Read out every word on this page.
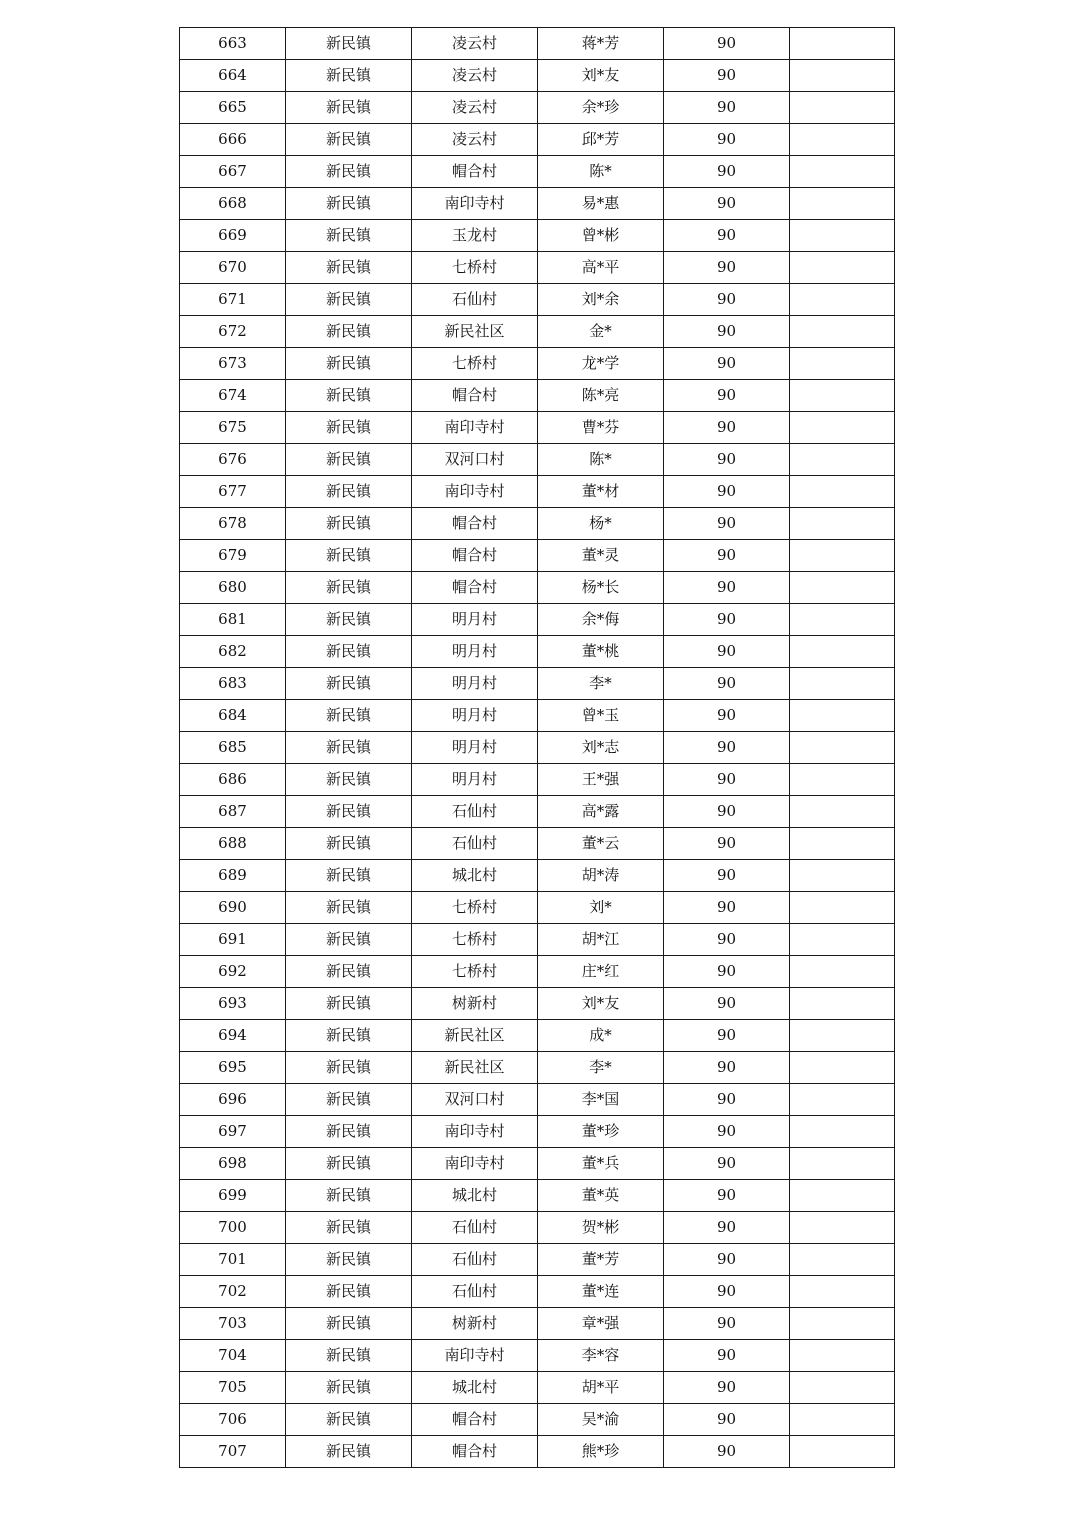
663	新民镇	凌云村	蒋*芳	90	
664	新民镇	凌云村	刘*友	90	
665	新民镇	凌云村	余*珍	90	
666	新民镇	凌云村	邱*芳	90	
667	新民镇	帽合村	陈*	90	
668	新民镇	南印寺村	易*惠	90	
669	新民镇	玉龙村	曾*彬	90	
670	新民镇	七桥村	高*平	90	
671	新民镇	石仙村	刘*余	90	
672	新民镇	新民社区	金*	90	
673	新民镇	七桥村	龙*学	90	
674	新民镇	帽合村	陈*亮	90	
675	新民镇	南印寺村	曹*芬	90	
676	新民镇	双河口村	陈*	90	
677	新民镇	南印寺村	董*材	90	
678	新民镇	帽合村	杨*	90	
679	新民镇	帽合村	董*灵	90	
680	新民镇	帽合村	杨*长	90	
681	新民镇	明月村	余*侮	90	
682	新民镇	明月村	董*桃	90	
683	新民镇	明月村	李*	90	
684	新民镇	明月村	曾*玉	90	
685	新民镇	明月村	刘*志	90	
686	新民镇	明月村	王*强	90	
687	新民镇	石仙村	高*露	90	
688	新民镇	石仙村	董*云	90	
689	新民镇	城北村	胡*涛	90	
690	新民镇	七桥村	刘*	90	
691	新民镇	七桥村	胡*江	90	
692	新民镇	七桥村	庄*红	90	
693	新民镇	树新村	刘*友	90	
694	新民镇	新民社区	成*	90	
695	新民镇	新民社区	李*	90	
696	新民镇	双河口村	李*国	90	
697	新民镇	南印寺村	董*珍	90	
698	新民镇	南印寺村	董*兵	90	
699	新民镇	城北村	董*英	90	
700	新民镇	石仙村	贺*彬	90	
701	新民镇	石仙村	董*芳	90	
702	新民镇	石仙村	董*连	90	
703	新民镇	树新村	章*强	90	
704	新民镇	南印寺村	李*容	90	
705	新民镇	城北村	胡*平	90	
706	新民镇	帽合村	吴*渝	90	
707	新民镇	帽合村	熊*珍	90	
